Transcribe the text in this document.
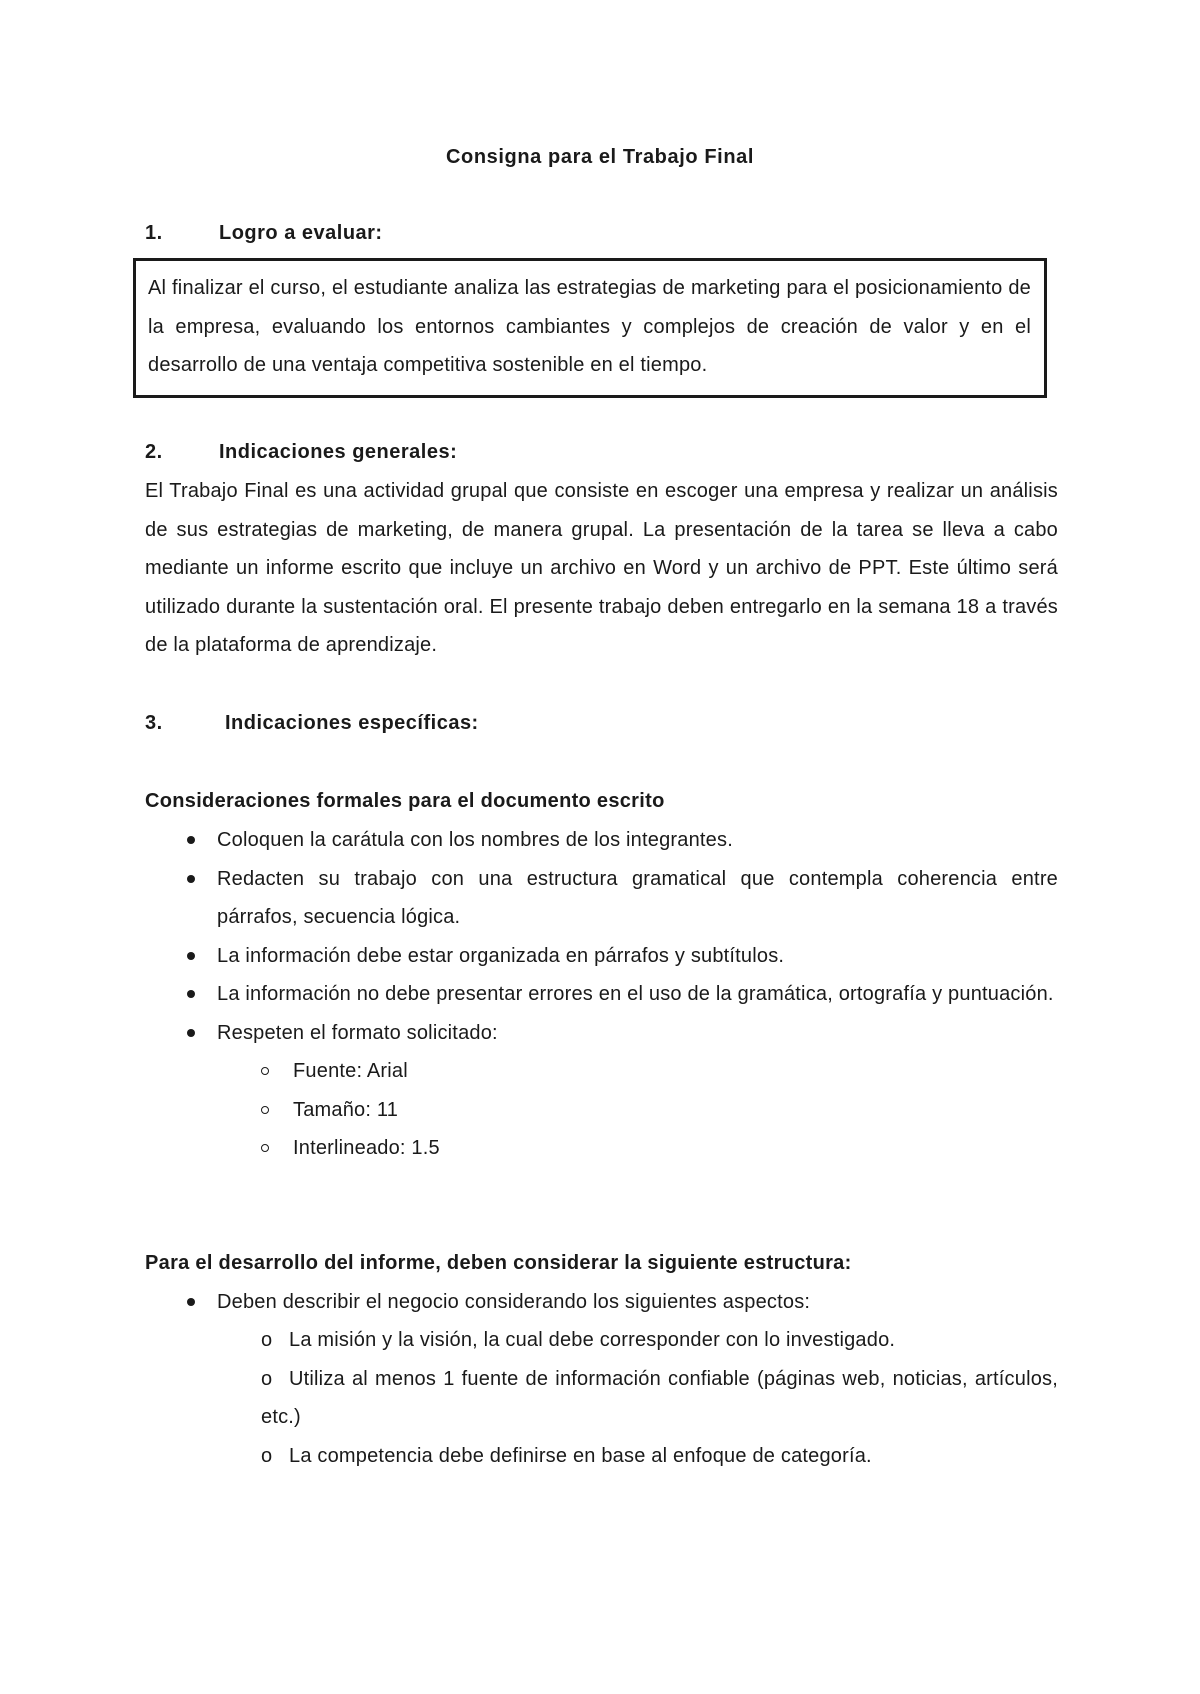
Consigna para el Trabajo Final
1.	Logro a evaluar:
Al finalizar el curso, el estudiante analiza las estrategias de marketing para el posicionamiento de la empresa, evaluando los entornos cambiantes y complejos de creación de valor y en el desarrollo de una ventaja competitiva sostenible en el tiempo.
2.	Indicaciones generales:
El Trabajo Final es una actividad grupal que consiste en escoger una empresa y realizar un análisis de sus estrategias de marketing, de manera grupal. La presentación de la tarea se lleva a cabo mediante un informe escrito que incluye un archivo en Word y un archivo de PPT. Este último será utilizado durante la sustentación oral. El presente trabajo deben entregarlo en la semana 18 a través de la plataforma de aprendizaje.
3.	Indicaciones específicas:
Consideraciones formales para el documento escrito
Coloquen la carátula con los nombres de los integrantes.
Redacten su trabajo con una estructura gramatical que contempla coherencia entre párrafos, secuencia lógica.
La información debe estar organizada en párrafos y subtítulos.
La información no debe presentar errores en el uso de la gramática, ortografía y puntuación.
Respeten el formato solicitado:
Fuente: Arial
Tamaño: 11
Interlineado: 1.5
Para el desarrollo del informe, deben considerar la siguiente estructura:
Deben describir el negocio considerando los siguientes aspectos:
o La misión y la visión, la cual debe corresponder con lo investigado.
o Utiliza al menos 1 fuente de información confiable (páginas web, noticias, artículos, etc.)
o La competencia debe definirse en base al enfoque de categoría.
